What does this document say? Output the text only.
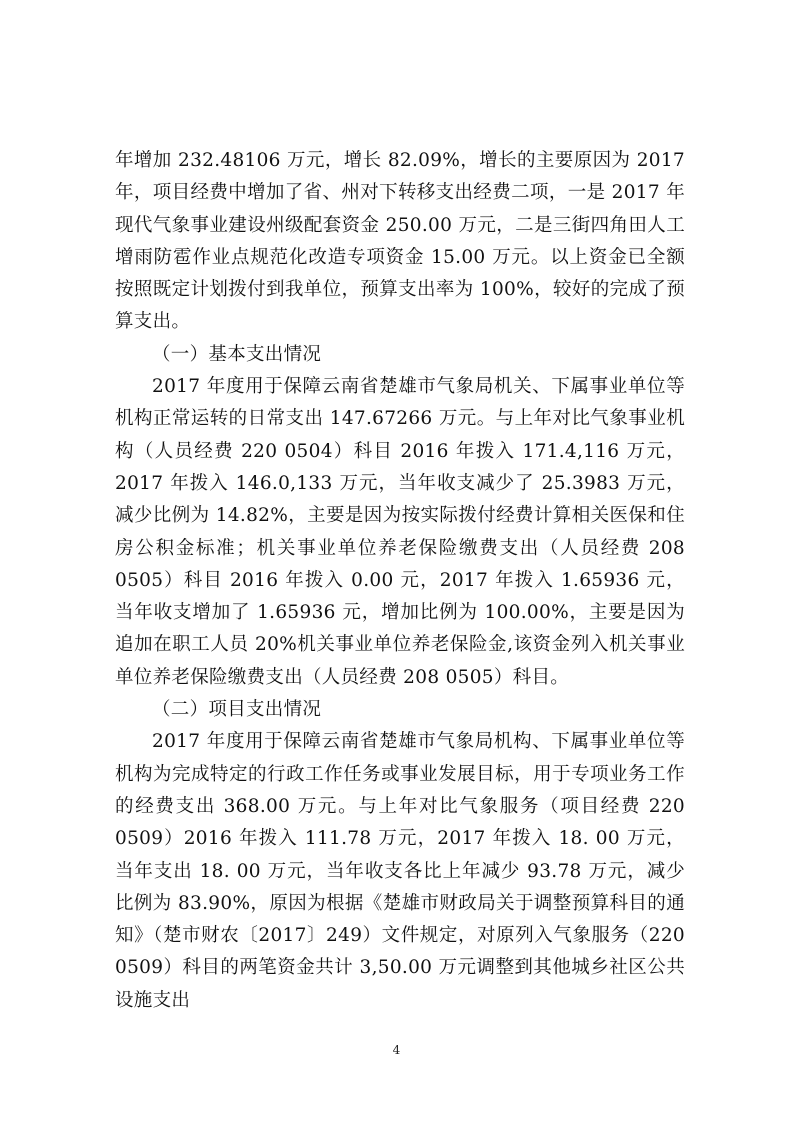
年增加 232.48106 万元，增长 82.09%，增长的主要原因为 2017 年，项目经费中增加了省、州对下转移支出经费二项，一是 2017 年现代气象事业建设州级配套资金 250.00 万元，二是三街四角田人工增雨防雹作业点规范化改造专项资金 15.00 万元。以上资金已全额按照既定计划拨付到我单位，预算支出率为 100%，较好的完成了预算支出。

（一）基本支出情况

2017 年度用于保障云南省楚雄市气象局机关、下属事业单位等机构正常运转的日常支出 147.67266 万元。与上年对比气象事业机构（人员经费 220 0504）科目 2016 年拨入 171.4,116 万元，2017 年拨入 146.0,133 万元，当年收支减少了 25.3983 万元，减少比例为 14.82%，主要是因为按实际拨付经费计算相关医保和住房公积金标准；机关事业单位养老保险缴费支出（人员经费 208 0505）科目 2016 年拨入 0.00 元，2017 年拨入 1.65936 元，当年收支增加了 1.65936 元，增加比例为 100.00%，主要是因为追加在职工人员 20%机关事业单位养老保险金,该资金列入机关事业单位养老保险缴费支出（人员经费 208 0505）科目。

（二）项目支出情况

2017 年度用于保障云南省楚雄市气象局机构、下属事业单位等机构为完成特定的行政工作任务或事业发展目标，用于专项业务工作的经费支出 368.00 万元。与上年对比气象服务（项目经费 220 0509）2016 年拨入 111.78 万元，2017 年拨入 18. 00 万元，当年支出 18. 00 万元，当年收支各比上年减少 93.78 万元，减少比例为 83.90%，原因为根据《楚雄市财政局关于调整预算科目的通知》（楚市财农〔2017〕249）文件规定，对原列入气象服务（220 0509）科目的两笔资金共计 3,50.00 万元调整到其他城乡社区公共设施支出

4
